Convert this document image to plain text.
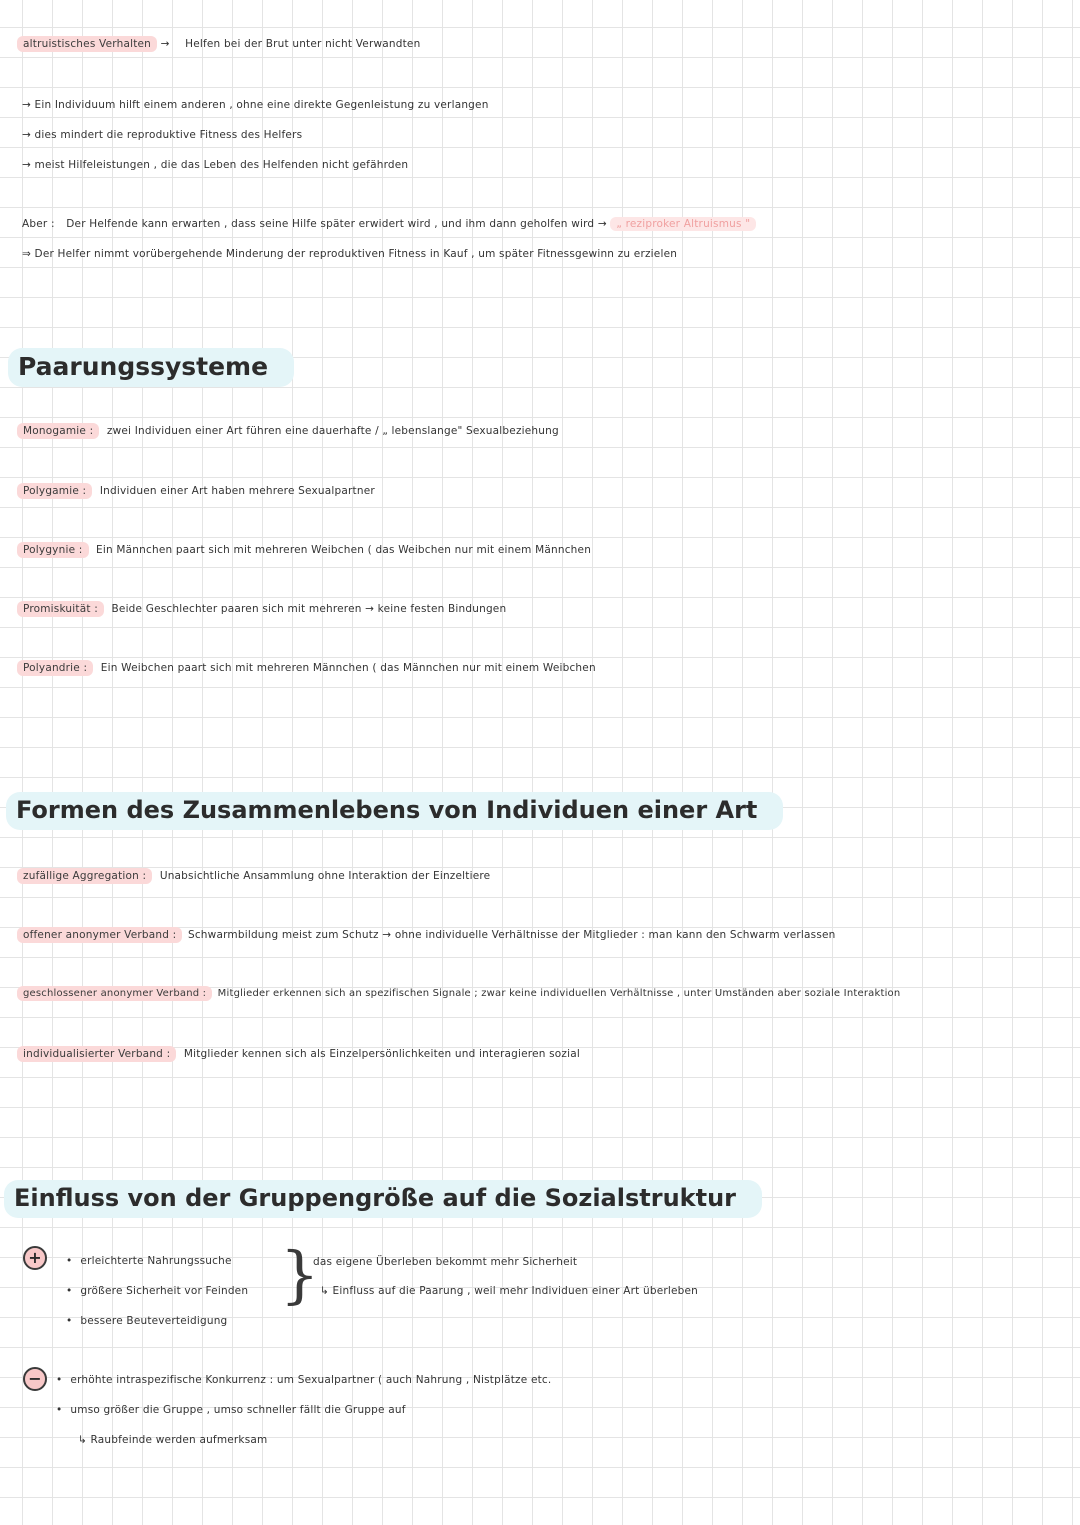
altruistisches Verhalten → Helfen bei der Brut unter nicht Verwandten
→ Ein Individuum hilft einem anderen , ohne eine direkte Gegenleistung zu verlangen
→ dies mindert die reproduktive Fitness des Helfers
→ meist Hilfeleistungen , die das Leben des Helfenden nicht gefährden
Aber : Der Helfende kann erwarten , dass seine Hilfe später erwidert wird , und ihm dann geholfen wird → „ reziproker Altruismus "
⇒ Der Helfer nimmt vorübergehende Minderung der reproduktiven Fitness in Kauf , um später Fitnessgewinn zu erzielen
Paarungssysteme
Monogamie : zwei Individuen einer Art führen eine dauerhafte / „ lebenslange" Sexualbeziehung
Polygamie : Individuen einer Art haben mehrere Sexualpartner
Polygynie : Ein Männchen paart sich mit mehreren Weibchen ( das Weibchen nur mit einem Männchen
Promiskuität : Beide Geschlechter paaren sich mit mehreren → keine festen Bindungen
Polyandrie : Ein Weibchen paart sich mit mehreren Männchen ( das Männchen nur mit einem Weibchen
Formen des Zusammenlebens von Individuen einer Art
zufällige Aggregation : Unabsichtliche Ansammlung ohne Interaktion der Einzeltiere
offener anonymer Verband : Schwarmbildung meist zum Schutz → ohne individuelle Verhältnisse der Mitglieder : man kann den Schwarm verlassen
geschlossener anonymer Verband : Mitglieder erkennen sich an spezifischen Signale ; zwar keine individuellen Verhältnisse , unter Umständen aber soziale Interaktion
individualisierter Verband : Mitglieder kennen sich als Einzelpersönlichkeiten und interagieren sozial
Einfluss von der Gruppengröße auf die Sozialstruktur
+	• erleichterte Nahrungssuche
• größere Sicherheit vor Feinden
• bessere Beuteverteidigung
}
das eigene Überleben bekommt mehr Sicherheit
↳ Einfluss auf die Paarung , weil mehr Individuen einer Art überleben
−	• erhöhte intraspezifische Konkurrenz : um Sexualpartner ( auch Nahrung , Nistplätze etc.
• umso größer die Gruppe , umso schneller fällt die Gruppe auf
↳ Raubfeinde werden aufmerksam
